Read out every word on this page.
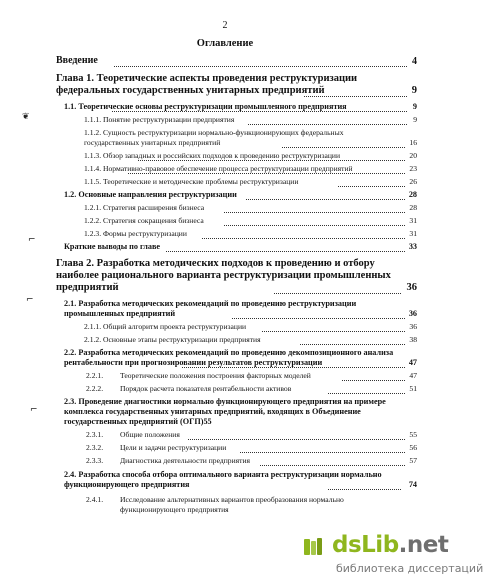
2
Оглавление
Введение	4
Глава 1. Теоретические аспекты проведения реструктуризации федеральных государственных унитарных предприятий	9
1.1. Теоретические основы реструктуризации промышленного предприятия	9
1.1.1. Понятие реструктуризации предприятия	9
1.1.2. Сущность реструктуризации нормально-функционирующих федеральных государственных унитарных предприятий	16
1.1.3. Обзор западных и российских подходов к проведению реструктуризации	20
1.1.4. Нормативно-правовое обеспечение процесса реструктуризации предприятий	23
1.1.5. Теоретические и методические проблемы реструктуризации	26
1.2. Основные направления реструктуризации	28
1.2.1. Стратегия расширения бизнеса	28
1.2.2. Стратегия сокращения бизнеса	31
1.2.3. Формы реструктуризации	31
Краткие выводы по главе	33
Глава 2. Разработка методических подходов к проведению и отбору наиболее рационального варианта реструктуризации промышленных предприятий	36
2.1. Разработка методических рекомендаций по проведению реструктуризации промышленных предприятий	36
2.1.1. Общий алгоритм проекта реструктуризации	36
2.1.2. Основные этапы реструктуризации предприятия	38
2.2. Разработка методических рекомендаций по проведению декомпозиционного анализа рентабельности при прогнозировании результатов реструктуризации	47
2.2.1.	Теоретические положения построения факторных моделей	47
2.2.2.	Порядок расчета показателя рентабельности активов	51
2.3. Проведение диагностики нормально функционирующего предприятия на примере комплекса государственных унитарных предприятий, входящих в Объединение государственных предприятий (ОГП)55
2.3.1.	Общие положения	55
2.3.2.	Цели и задачи реструктуризации	56
2.3.3.	Диагностика деятельности предприятия	57
2.4. Разработка способа отбора оптимального варианта реструктуризации нормально функционирующего предприятия	74
2.4.1.	Исследование альтернативных вариантов преобразования нормально функционирующего предприятия
❦
⌐
⌐
⌐
dsLib.net
библиотека диссертаций
